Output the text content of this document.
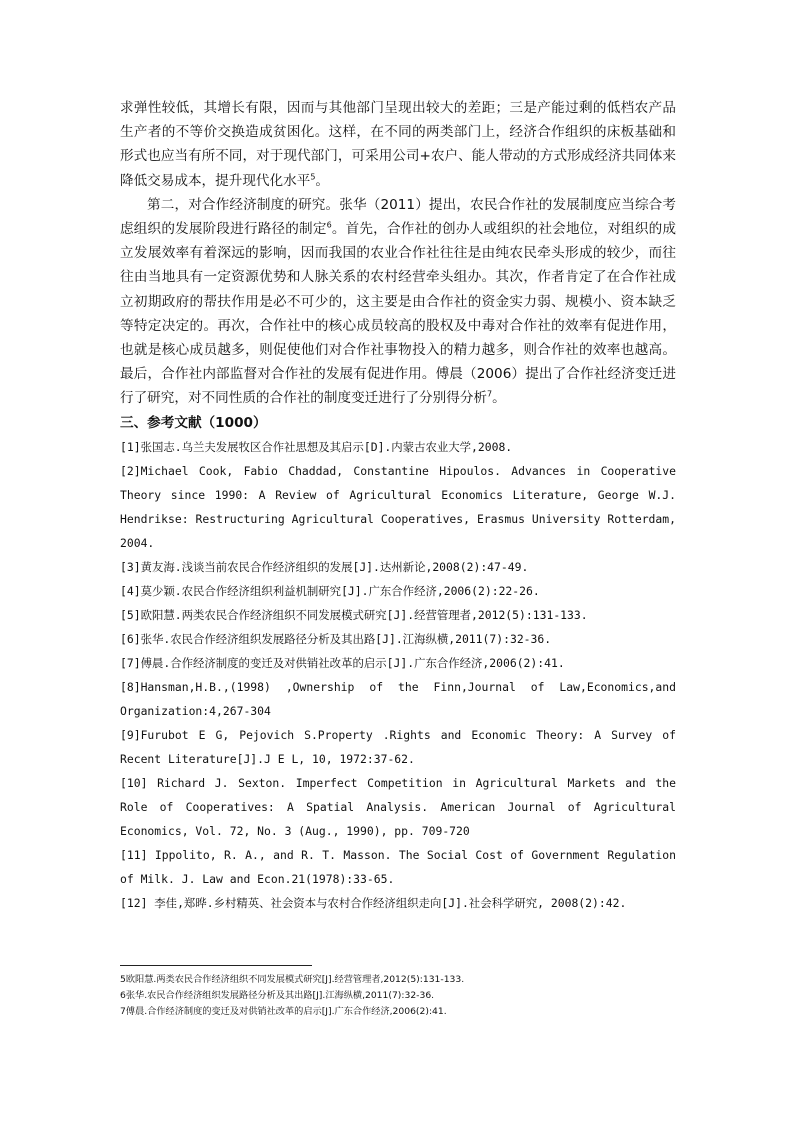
求弹性较低，其增长有限，因而与其他部门呈现出较大的差距；三是产能过剩的低档农产品生产者的不等价交换造成贫困化。这样，在不同的两类部门上，经济合作组织的床板基础和形式也应当有所不同，对于现代部门，可采用公司+农户、能人带动的方式形成经济共同体来降低交易成本，提升现代化水平$^5$。

第二，对合作经济制度的研究。张华（2011）提出，农民合作社的发展制度应当综合考虑组织的发展阶段进行路径的制定$^6$。首先，合作社的创办人或组织的社会地位，对组织的成立发展效率有着深远的影响，因而我国的农业合作社往往是由纯农民牵头形成的较少，而往往由当地具有一定资源优势和人脉关系的农村经营牵头组办。其次，作者肯定了在合作社成立初期政府的帮扶作用是必不可少的，这主要是由合作社的资金实力弱、规模小、资本缺乏等特定决定的。再次，合作社中的核心成员较高的股权及中毒对合作社的效率有促进作用，也就是核心成员越多，则促使他们对合作社事物投入的精力越多，则合作社的效率也越高。最后，合作社内部监督对合作社的发展有促进作用。傅晨（2006）提出了合作社经济变迁进行了研究，对不同性质的合作社的制度变迁进行了分别得分析$^7$。

三、参考文献（1000）
[1]张国志.乌兰夫发展牧区合作社思想及其启示[D].内蒙古农业大学,2008.
[2]Michael Cook, Fabio Chaddad, Constantine Hipoulos. Advances in Cooperative Theory since 1990: A Review of Agricultural Economics Literature, George W.J. Hendrikse: Restructuring Agricultural Cooperatives, Erasmus University Rotterdam, 2004.
[3]黄友海.浅谈当前农民合作经济组织的发展[J].达州新论,2008(2):47-49.
[4]莫少颖.农民合作经济组织利益机制研究[J].广东合作经济,2006(2):22-26.
[5]欧阳慧.两类农民合作经济组织不同发展模式研究[J].经营管理者,2012(5):131-133.
[6]张华.农民合作经济组织发展路径分析及其出路[J].江海纵横,2011(7):32-36.
[7]傅晨.合作经济制度的变迁及对供销社改革的启示[J].广东合作经济,2006(2):41.
[8]Hansman,H.B.,(1998) ,Ownership of the Finn,Journal of Law,Economics,and Organization:4,267-304
[9]Furubot E G, Pejovich S.Property .Rights and Economic Theory: A Survey of Recent Literature[J].J E L, 10, 1972:37-62.
[10] Richard J. Sexton. Imperfect Competition in Agricultural Markets and the Role of Cooperatives: A Spatial Analysis. American Journal of Agricultural Economics, Vol. 72, No. 3 (Aug., 1990), pp. 709-720
[11] Ippolito, R. A., and R. T. Masson. The Social Cost of Government Regulation of Milk. J. Law and Econ.21(1978):33-65.
[12] 李佳,郑晔.乡村精英、社会资本与农村合作经济组织走向[J].社会科学研究, 2008(2):42.
5欧阳慧.两类农民合作经济组织不同发展模式研究[J].经营管理者,2012(5):131-133.
6张华.农民合作经济组织发展路径分析及其出路[J].江海纵横,2011(7):32-36.
7傅晨.合作经济制度的变迁及对供销社改革的启示[J].广东合作经济,2006(2):41.
